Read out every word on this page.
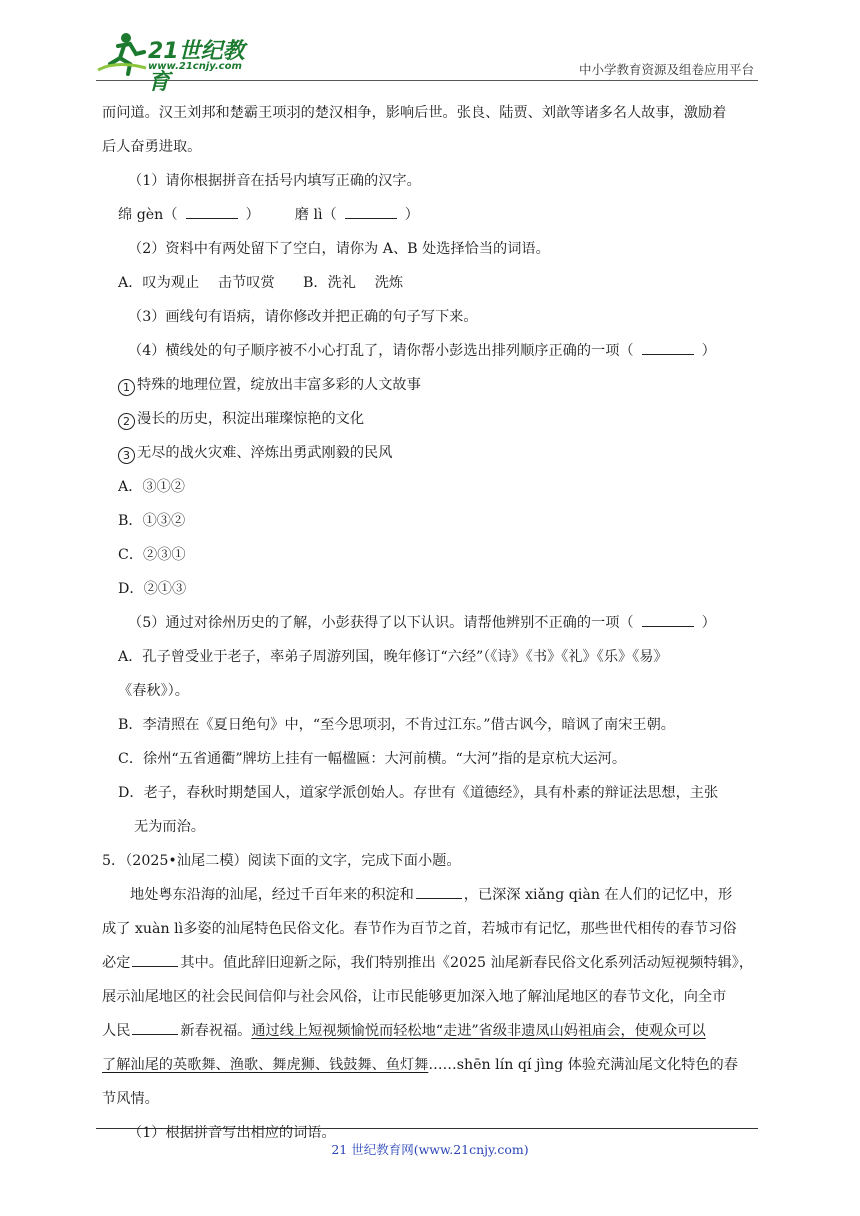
21世纪教育
www.21cnjy.com	中小学教育资源及组卷应用平台
而问道。汉王刘邦和楚霸王项羽的楚汉相争，影响后世。张良、陆贾、刘歆等诸多名人故事，激励着
后人奋勇进取。
（1）请你根据拼音在括号内填写正确的汉字。
绵 gèn（	） 磨 lì（	）
（2）资料中有两处留下了空白，请你为 A、B 处选择恰当的词语。
A．叹为观止　 击节叹赏　　B．洗礼　 洗炼
（3）画线句有语病，请你修改并把正确的句子写下来。
（4）横线处的句子顺序被不小心打乱了，请你帮小彭选出排列顺序正确的一项（	）
1 特殊的地理位置，绽放出丰富多彩的人文故事
2 漫长的历史，积淀出璀璨惊艳的文化
3 无尽的战火灾难、淬炼出勇武刚毅的民风
A．③①②
B．①③②
C．②③①
D．②①③
（5）通过对徐州历史的了解，小彭获得了以下认识。请帮他辨别不正确的一项（	）
A．孔子曾受业于老子，率弟子周游列国，晚年修订“六经”（《诗》《书》《礼》《乐》《易》
《春秋》）。
B．李清照在《夏日绝句》中，“至今思项羽，不肯过江东。”借古讽今，暗讽了南宋王朝。
C．徐州“五省通衢”牌坊上挂有一幅楹匾：大河前横。“大河”指的是京杭大运河。
D．老子，春秋时期楚国人，道家学派创始人。存世有《道德经》，具有朴素的辩证法思想，主张
无为而治。
5．（2025•汕尾二模）阅读下面的文字，完成下面小题。
地处粤东沿海的汕尾，经过千百年来的积淀和	，已深深 xiǎnɡ qiàn 在人们的记忆中，形
成了 xuàn lì多姿的汕尾特色民俗文化。春节作为百节之首，若城市有记忆，那些世代相传的春节习俗
必定	其中。值此辞旧迎新之际，我们特别推出《2025 汕尾新春民俗文化系列活动短视频特辑》，
展示汕尾地区的社会民间信仰与社会风俗，让市民能够更加深入地了解汕尾地区的春节文化，向全市
人民	新春祝福。通过线上短视频愉悦而轻松地“走进”省级非遗凤山妈祖庙会，使观众可以
了解汕尾的英歌舞、渔歌、舞虎狮、钱鼓舞、鱼灯舞……shēn lín qí jìng 体验充满汕尾文化特色的春
节风情。
（1）根据拼音写出相应的词语。
21 世纪教育网(www.21cnjy.com)
